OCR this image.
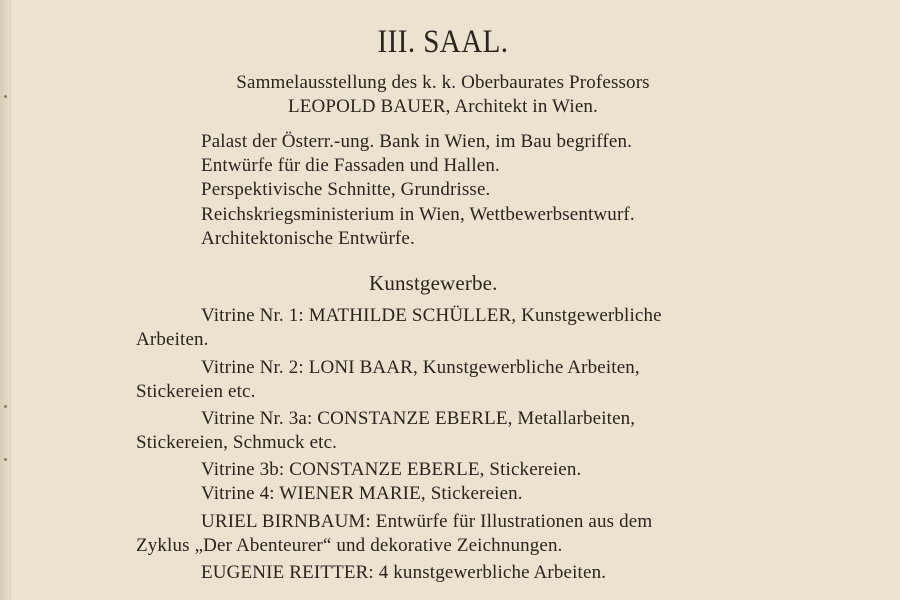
III. SAAL.
Sammelausstellung des k. k. Oberbaurates Professors
LEOPOLD BAUER, Architekt in Wien.
Palast der Österr.-ung. Bank in Wien, im Bau begriffen.
Entwürfe für die Fassaden und Hallen.
Perspektivische Schnitte, Grundrisse.
Reichskriegsministerium in Wien, Wettbewerbsentwurf.
Architektonische Entwürfe.
Kunstgewerbe.
Vitrine Nr. 1: MATHILDE SCHÜLLER, Kunstgewerbliche
Arbeiten.
Vitrine Nr. 2: LONI BAAR, Kunstgewerbliche Arbeiten,
Stickereien etc.
Vitrine Nr. 3a: CONSTANZE EBERLE, Metallarbeiten,
Stickereien, Schmuck etc.
Vitrine 3b: CONSTANZE EBERLE, Stickereien.
Vitrine 4: WIENER MARIE, Stickereien.
URIEL BIRNBAUM: Entwürfe für Illustrationen aus dem
Zyklus „Der Abenteurer“ und dekorative Zeichnungen.
EUGENIE REITTER: 4 kunstgewerbliche Arbeiten.
